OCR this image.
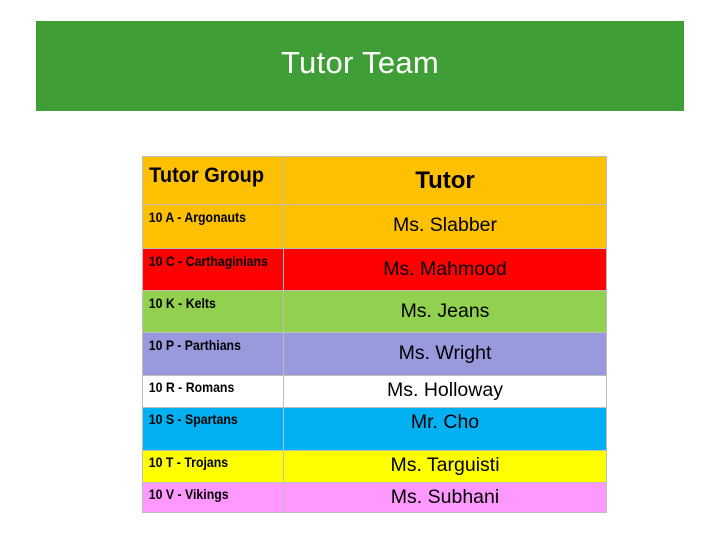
Tutor Team
Tutor Group	Tutor
10 A - Argonauts	Ms. Slabber
10 C - Carthaginians	Ms. Mahmood
10 K - Kelts	Ms. Jeans
10 P - Parthians	Ms. Wright
10 R - Romans	Ms. Holloway
10 S - Spartans	Mr. Cho
10 T - Trojans	Ms. Targuisti
10 V - Vikings	Ms. Subhani
